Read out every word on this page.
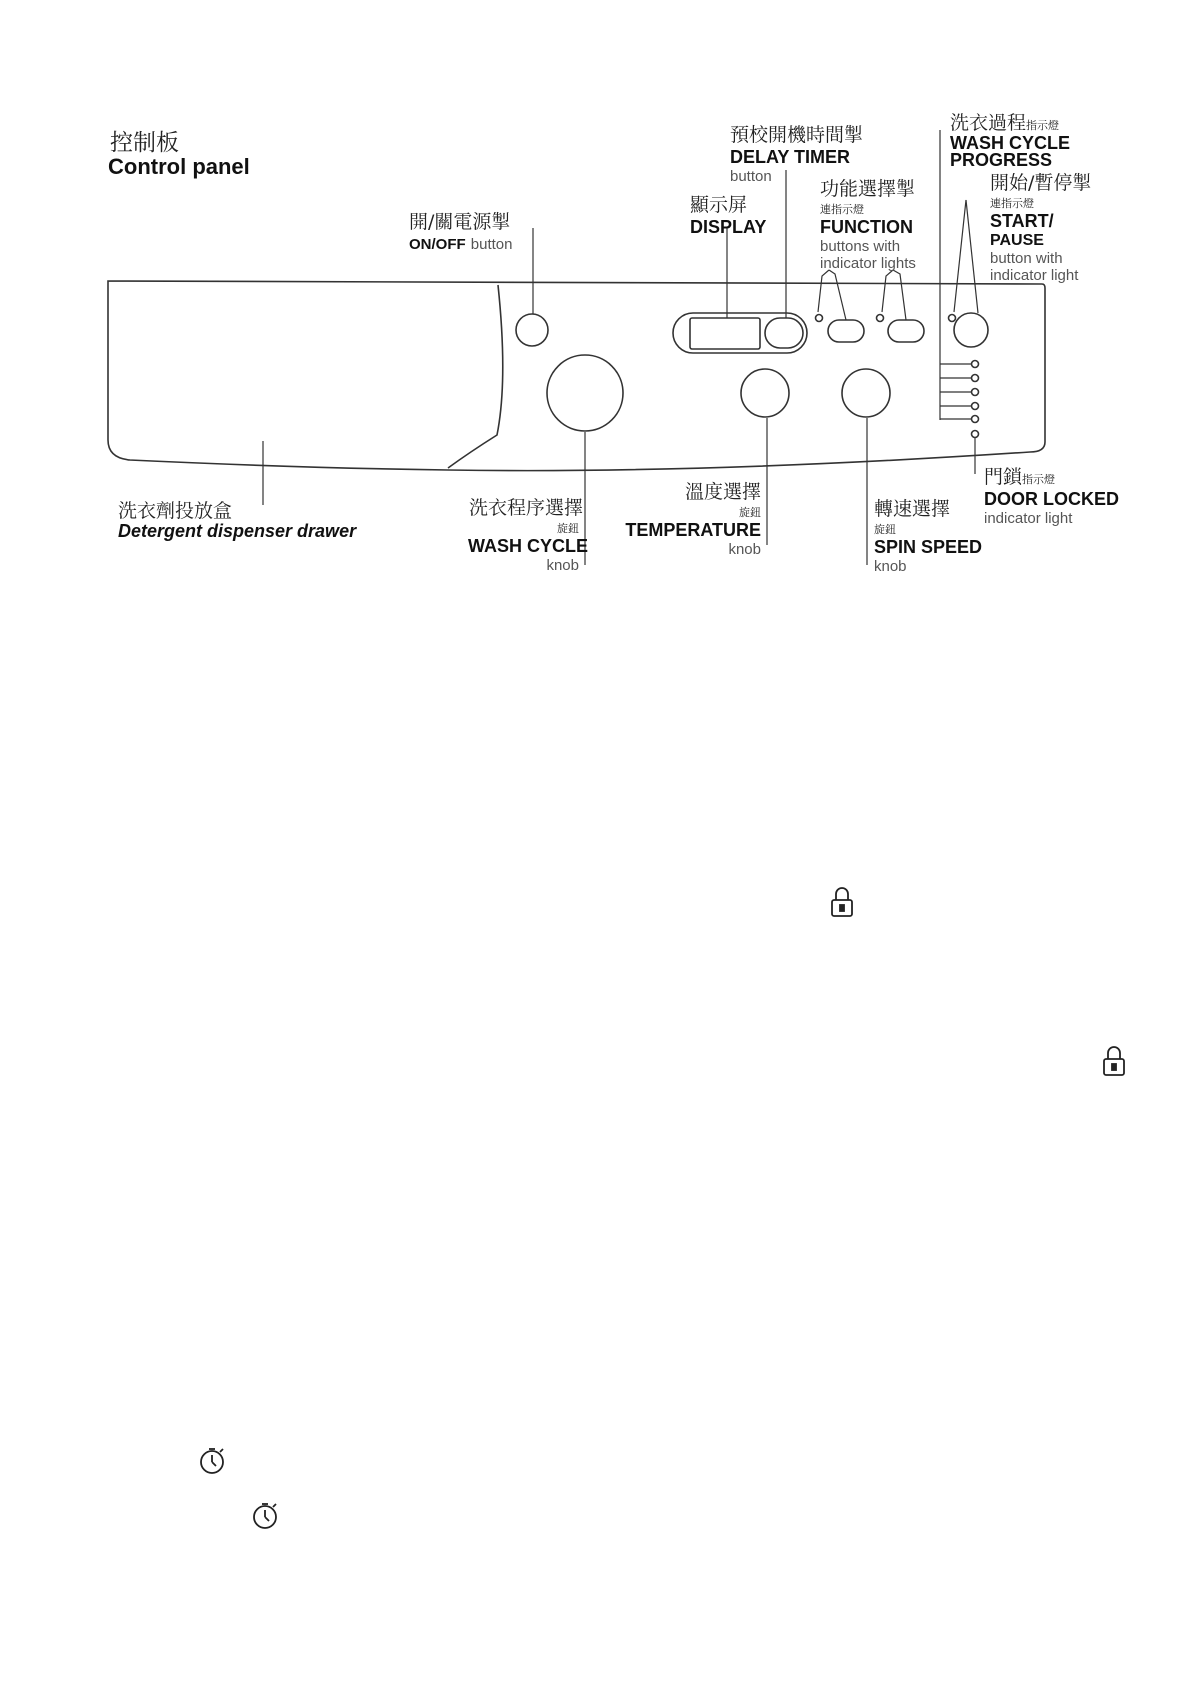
控制板
Control panel
開/關電源掣
ON/OFF button
預校開機時間掣
DELAY TIMER
button
顯示屏
DISPLAY
功能選擇掣
連指示燈
FUNCTION
buttons with
indicator lights
洗衣過程指示燈
WASH CYCLE
PROGRESS
開始/暫停掣
連指示燈
START/
PAUSE
button with
indicator light
洗衣劑投放盒
Detergent dispenser drawer
洗衣程序選擇
旋鈕
WASH CYCLE
knob
溫度選擇
旋鈕
TEMPERATURE
knob
轉速選擇
旋鈕
SPIN SPEED
knob
門鎖指示燈
DOOR LOCKED
indicator light
